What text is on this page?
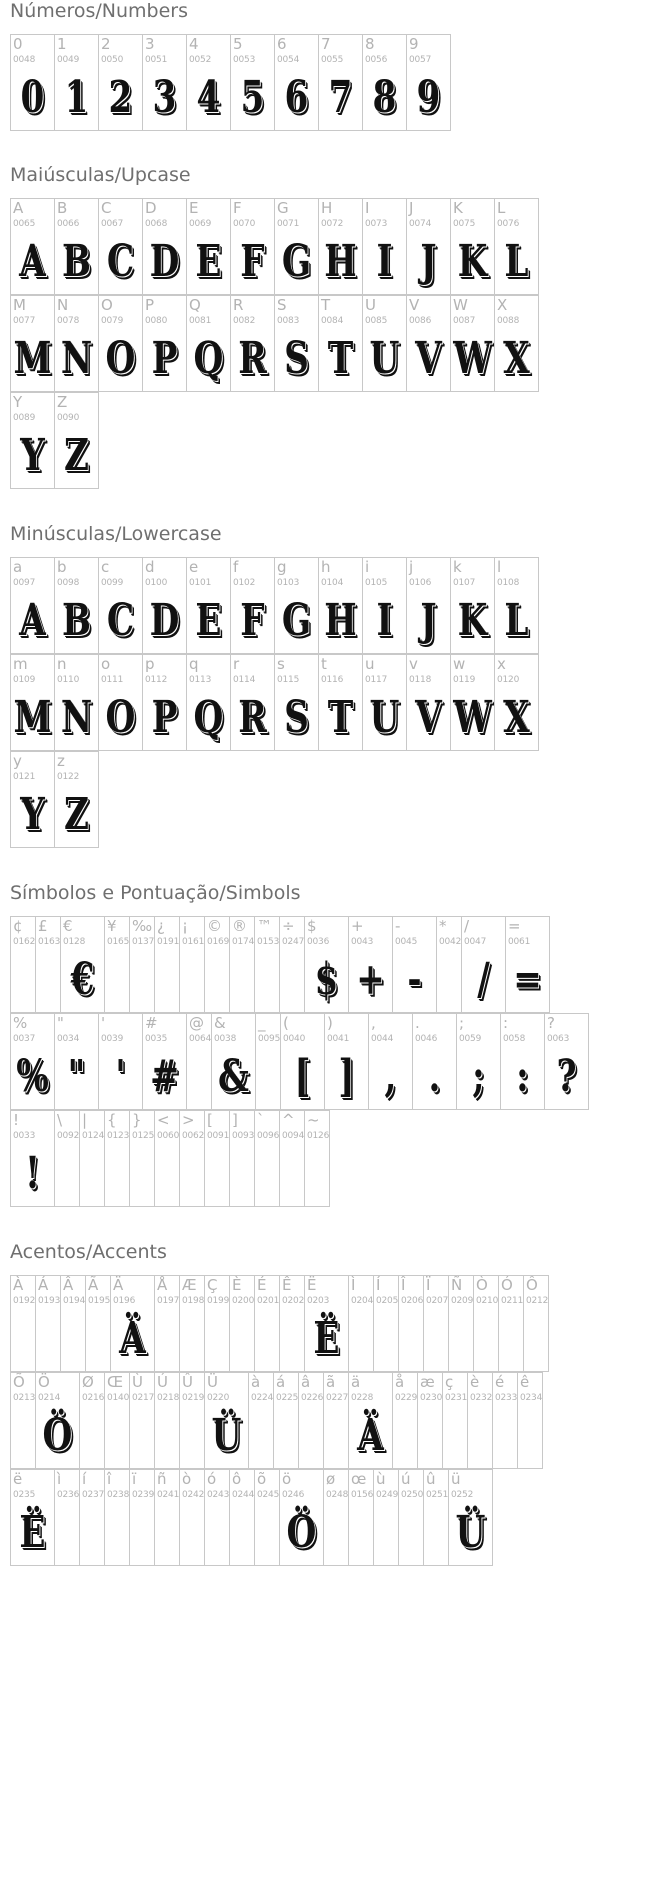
Números/Numbers
0
0048
0
1
0049
1
2
0050
2
3
0051
3
4
0052
4
5
0053
5
6
0054
6
7
0055
7
8
0056
8
9
0057
9
Maiúsculas/Upcase
A
0065
A
B
0066
B
C
0067
C
D
0068
D
E
0069
E
F
0070
F
G
0071
G
H
0072
H
I
0073
I
J
0074
J
K
0075
K
L
0076
L
M
0077
M
N
0078
N
O
0079
O
P
0080
P
Q
0081
Q
R
0082
R
S
0083
S
T
0084
T
U
0085
U
V
0086
V
W
0087
W
X
0088
X
Y
0089
Y
Z
0090
Z
Minúsculas/Lowercase
a
0097
A
b
0098
B
c
0099
C
d
0100
D
e
0101
E
f
0102
F
g
0103
G
h
0104
H
i
0105
I
j
0106
J
k
0107
K
l
0108
L
m
0109
M
n
0110
N
o
0111
O
p
0112
P
q
0113
Q
r
0114
R
s
0115
S
t
0116
T
u
0117
U
v
0118
V
w
0119
W
x
0120
X
y
0121
Y
z
0122
Z
Símbolos e Pontuação/Simbols
¢
0162
£
0163
€
0128
€
¥
0165
‰
0137
¿
0191
¡
0161
©
0169
®
0174
™
0153
÷
0247
$
0036
$
+
0043
+
-
0045
-
*
0042
/
0047
/
=
0061
=
%
0037
%
"
0034
"
'
0039
'
#
0035
#
@
0064
&
0038
&
_
0095
(
0040
[
)
0041
]
,
0044
,
.
0046
.
;
0059
;
:
0058
:
?
0063
?
!
0033
!
\
0092
|
0124
{
0123
}
0125
<
0060
>
0062
[
0091
]
0093
`
0096
^
0094
~
0126
Acentos/Accents
À
0192
Á
0193
Â
0194
Ã
0195
Ä
0196
Ä
Å
0197
Æ
0198
Ç
0199
È
0200
É
0201
Ê
0202
Ë
0203
Ë
Ì
0204
Í
0205
Î
0206
Ï
0207
Ñ
0209
Ò
0210
Ó
0211
Ô
0212
Õ
0213
Ö
0214
Ö
Ø
0216
Œ
0140
Ù
0217
Ú
0218
Û
0219
Ü
0220
Ü
à
0224
á
0225
â
0226
ã
0227
ä
0228
Ä
å
0229
æ
0230
ç
0231
è
0232
é
0233
ê
0234
ë
0235
Ë
ì
0236
í
0237
î
0238
ï
0239
ñ
0241
ò
0242
ó
0243
ô
0244
õ
0245
ö
0246
Ö
ø
0248
œ
0156
ù
0249
ú
0250
û
0251
ü
0252
Ü
